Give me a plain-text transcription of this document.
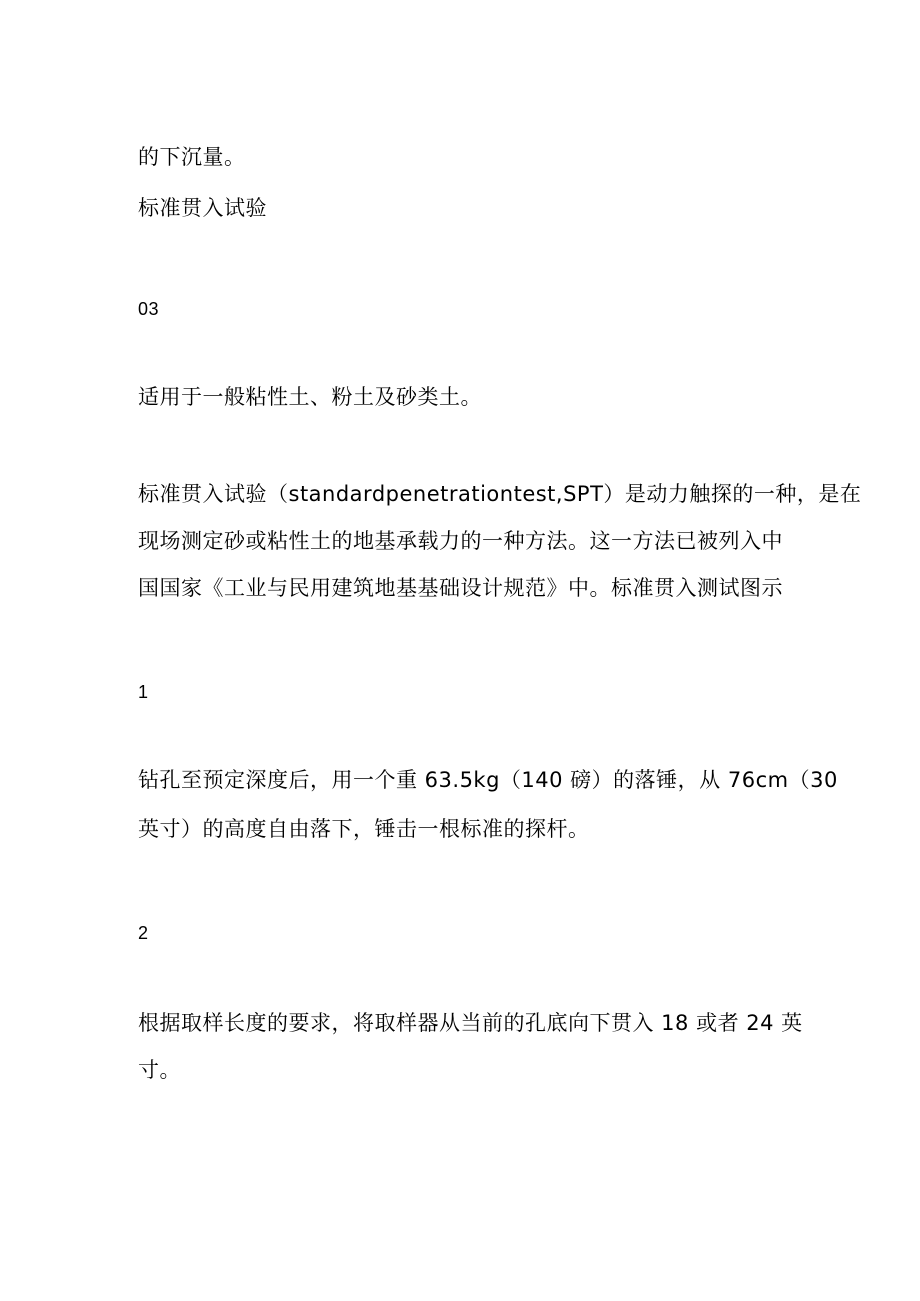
的下沉量。

标准贯入试验

03

适用于一般粘性土、粉土及砂类土。

标准贯入试验（standardpenetrationtest,SPT）是动力触探的一种，是在

现场测定砂或粘性土的地基承载力的一种方法。这一方法已被列入中

国国家《工业与民用建筑地基基础设计规范》中。标准贯入测试图示

1

钻孔至预定深度后，用一个重 63.5kg（140 磅）的落锤，从 76cm（30

英寸）的高度自由落下，锤击一根标准的探杆。

2

根据取样长度的要求，将取样器从当前的孔底向下贯入 18 或者 24 英

寸。
